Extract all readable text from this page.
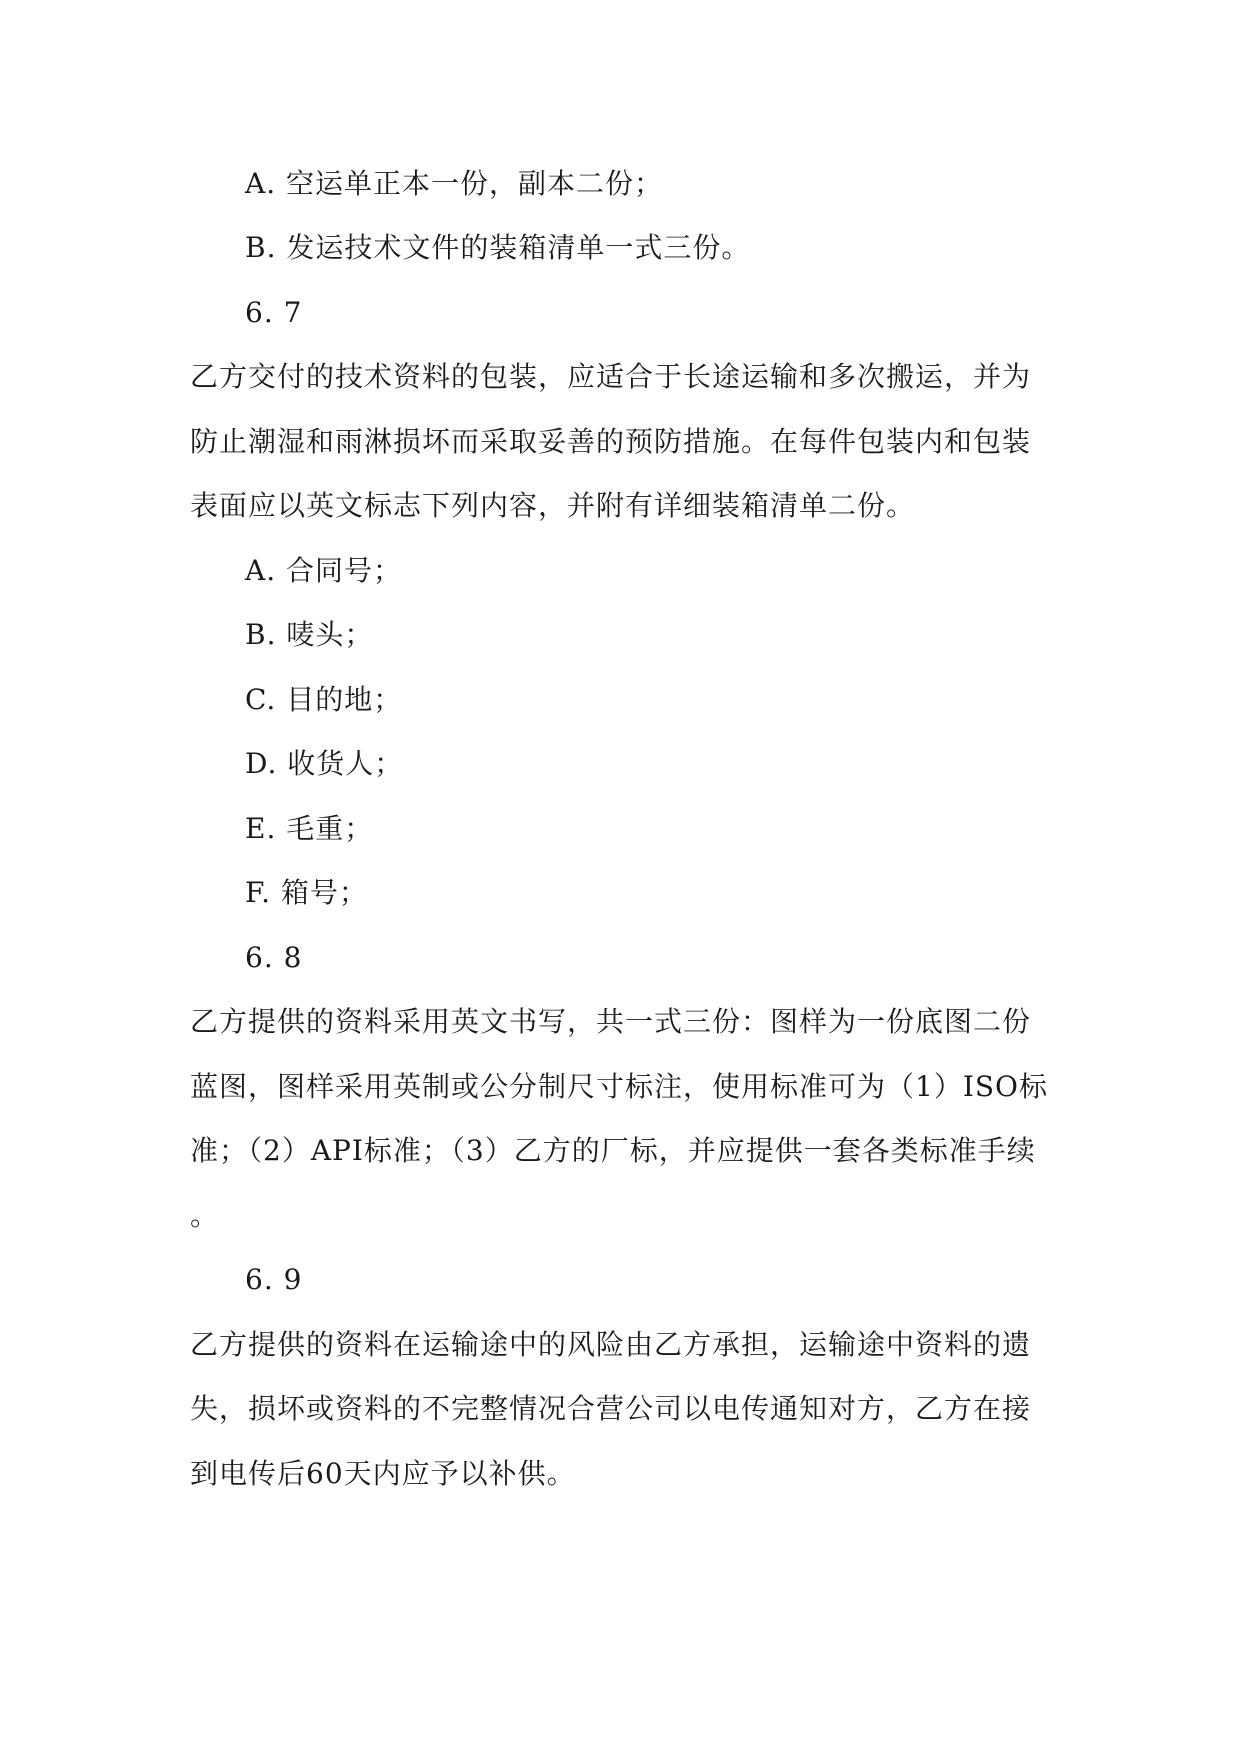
A. 空运单正本一份，副本二份；
B. 发运技术文件的装箱清单一式三份。
6. 7
乙方交付的技术资料的包装，应适合于长途运输和多次搬运，并为
防止潮湿和雨淋损坏而采取妥善的预防措施。在每件包装内和包装
表面应以英文标志下列内容，并附有详细装箱清单二份。
A. 合同号；
B. 唛头；
C. 目的地；
D. 收货人；
E. 毛重；
F. 箱号；
6. 8
乙方提供的资料采用英文书写，共一式三份：图样为一份底图二份
蓝图，图样采用英制或公分制尺寸标注，使用标准可为（1）ISO标
准；（2）API标准；（3）乙方的厂标，并应提供一套各类标准手续
。
6. 9
乙方提供的资料在运输途中的风险由乙方承担，运输途中资料的遗
失，损坏或资料的不完整情况合营公司以电传通知对方，乙方在接
到电传后60天内应予以补供。
